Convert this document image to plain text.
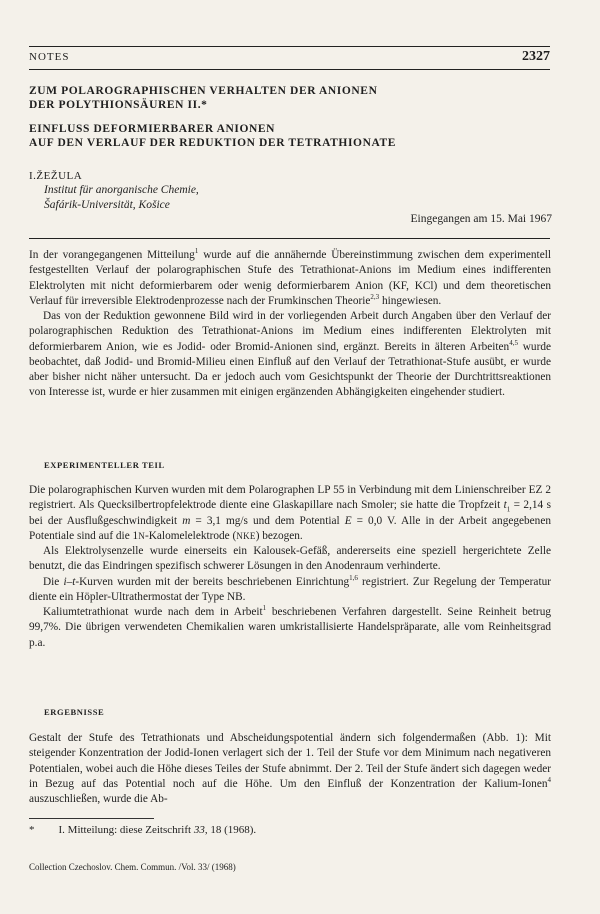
NOTES	2327
ZUM POLAROGRAPHISCHEN VERHALTEN DER ANIONEN
DER POLYTHIONSÄUREN II.*
EINFLUSS DEFORMIERBARER ANIONEN
AUF DEN VERLAUF DER REDUKTION DER TETRATHIONATE
I.ŽEŽULA
Institut für anorganische Chemie,
Šafárik-Universität, Košice
Eingegangen am 15. Mai 1967

In der vorangegangenen Mitteilung$^1$ wurde auf die annähernde Übereinstimmung zwischen dem experimentell festgestellten Verlauf der polarographischen Stufe des Tetrathionat-Anions im Medium eines indifferenten Elektrolyten mit nicht deformierbarem oder wenig deformierbarem Anion (KF, KCl) und dem theoretischen Verlauf für irreversible Elektrodenprozesse nach der Frumkinschen Theorie$^{2,3}$ hingewiesen.

Das von der Reduktion gewonnene Bild wird in der vorliegenden Arbeit durch Angaben über den Verlauf der polarographischen Reduktion des Tetrathionat-Anions im Medium eines indifferenten Elektrolyten mit deformierbarem Anion, wie es Jodid- oder Bromid-Anionen sind, ergänzt. Bereits in älteren Arbeiten$^{4,5}$ wurde beobachtet, daß Jodid- und Bromid-Milieu einen Einfluß auf den Verlauf der Tetrathionat-Stufe ausübt, er wurde aber bisher nicht näher untersucht. Da er jedoch auch vom Gesichtspunkt der Theorie der Durchtrittsreaktionen von Interesse ist, wurde er hier zusammen mit einigen ergänzenden Abhängigkeiten eingehender studiert.

EXPERIMENTELLER TEIL

Die polarographischen Kurven wurden mit dem Polarographen LP 55 in Verbindung mit dem Linienschreiber EZ 2 registriert. Als Quecksilbertropfelektrode diente eine Glaskapillare nach Smoler; sie hatte die Tropfzeit $t_1 = 2,14$ s bei der Ausflußgeschwindigkeit m = 3,1 mg/s und dem Potential E = 0,0 V. Alle in der Arbeit angegebenen Potentiale sind auf die 1N-Kalomelelektrode (NKE) bezogen.

Als Elektrolysenzelle wurde einerseits ein Kalousek-Gefäß, andererseits eine speziell hergerichtete Zelle benutzt, die das Eindringen spezifisch schwerer Lösungen in den Anodenraum verhinderte.

Die i–t-Kurven wurden mit der bereits beschriebenen Einrichtung$^{1,6}$ registriert. Zur Regelung der Temperatur diente ein Höpler-Ultrathermostat der Type NB.

Kaliumtetrathionat wurde nach dem in Arbeit$^1$ beschriebenen Verfahren dargestellt. Seine Reinheit betrug 99,7%. Die übrigen verwendeten Chemikalien waren umkristallisierte Handelspräparate, alle vom Reinheitsgrad p.a.

ERGEBNISSE

Gestalt der Stufe des Tetrathionats und Abscheidungspotential ändern sich folgendermaßen (Abb. 1): Mit steigender Konzentration der Jodid-Ionen verlagert sich der 1. Teil der Stufe vor dem Minimum nach negativeren Potentialen, wobei auch die Höhe dieses Teiles der Stufe abnimmt. Der 2. Teil der Stufe ändert sich dagegen weder in Bezug auf das Potential noch auf die Höhe. Um den Einfluß der Konzentration der Kalium-Ionen$^4$ auszuschließen, wurde die Ab-

* I. Mitteilung: diese Zeitschrift 33, 18 (1968).
Collection Czechoslov. Chem. Commun. /Vol. 33/ (1968)
